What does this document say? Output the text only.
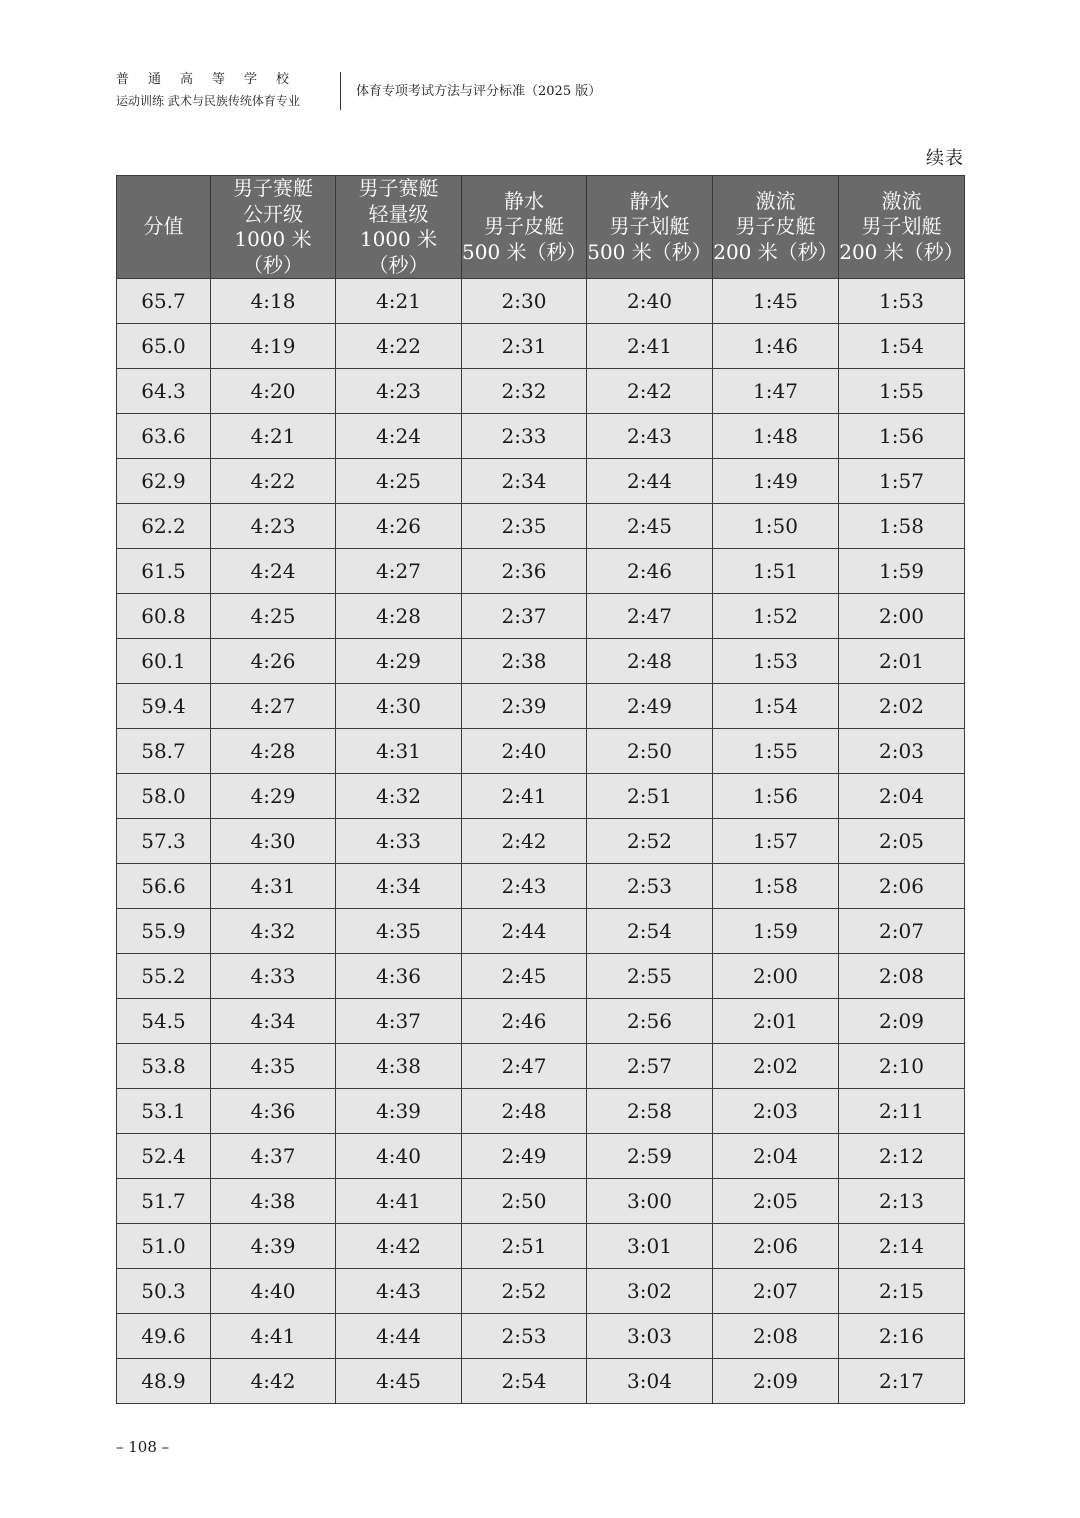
普通高等学校
运动训练 武术与民族传统体育专业
体育专项考试方法与评分标准（2025 版）
续表
分值	男子赛艇
公开级
1000 米（秒）	男子赛艇
轻量级
1000 米（秒）	静水
男子皮艇
500 米（秒）	静水
男子划艇
500 米（秒）	激流
男子皮艇
200 米（秒）	激流
男子划艇
200 米（秒）
65.7	4:18	4:21	2:30	2:40	1:45	1:53
65.0	4:19	4:22	2:31	2:41	1:46	1:54
64.3	4:20	4:23	2:32	2:42	1:47	1:55
63.6	4:21	4:24	2:33	2:43	1:48	1:56
62.9	4:22	4:25	2:34	2:44	1:49	1:57
62.2	4:23	4:26	2:35	2:45	1:50	1:58
61.5	4:24	4:27	2:36	2:46	1:51	1:59
60.8	4:25	4:28	2:37	2:47	1:52	2:00
60.1	4:26	4:29	2:38	2:48	1:53	2:01
59.4	4:27	4:30	2:39	2:49	1:54	2:02
58.7	4:28	4:31	2:40	2:50	1:55	2:03
58.0	4:29	4:32	2:41	2:51	1:56	2:04
57.3	4:30	4:33	2:42	2:52	1:57	2:05
56.6	4:31	4:34	2:43	2:53	1:58	2:06
55.9	4:32	4:35	2:44	2:54	1:59	2:07
55.2	4:33	4:36	2:45	2:55	2:00	2:08
54.5	4:34	4:37	2:46	2:56	2:01	2:09
53.8	4:35	4:38	2:47	2:57	2:02	2:10
53.1	4:36	4:39	2:48	2:58	2:03	2:11
52.4	4:37	4:40	2:49	2:59	2:04	2:12
51.7	4:38	4:41	2:50	3:00	2:05	2:13
51.0	4:39	4:42	2:51	3:01	2:06	2:14
50.3	4:40	4:43	2:52	3:02	2:07	2:15
49.6	4:41	4:44	2:53	3:03	2:08	2:16
48.9	4:42	4:45	2:54	3:04	2:09	2:17
– 108 –
